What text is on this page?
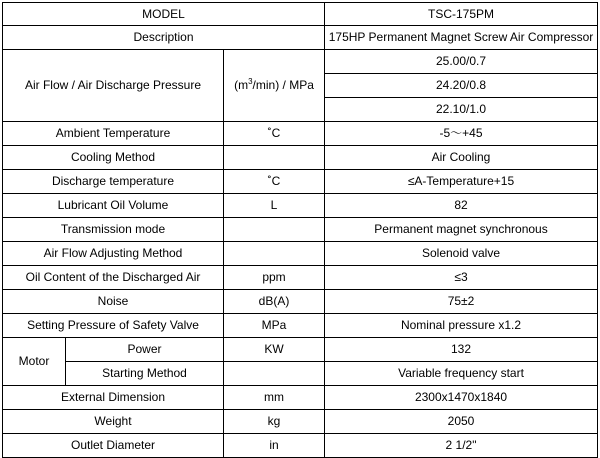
MODEL			TSC-175PM
Description			175HP Permanent Magnet Screw Air Compressor
Air Flow / Air Discharge Pressure		$(m^3/\min)$ / MPa	25.00/0.7
			24.20/0.8
			22.10/1.0
Ambient Temperature		˚C	-5～+45
Cooling Method			Air Cooling
Discharge temperature		˚C	≤A-Temperature+15
Lubricant Oil Volume		L	82
Transmission mode			Permanent magnet synchronous
Air Flow Adjusting Method			Solenoid valve
Oil Content of the Discharged Air		ppm	≤3
Noise		dB(A)	75±2
Setting Pressure of Safety Valve		MPa	Nominal pressure x1.2
Motor	Power	KW	132
	Starting Method		Variable frequency start
External Dimension		mm	2300x1470x1840
Weight		kg	2050
Outlet Diameter		in	2 1/2"
